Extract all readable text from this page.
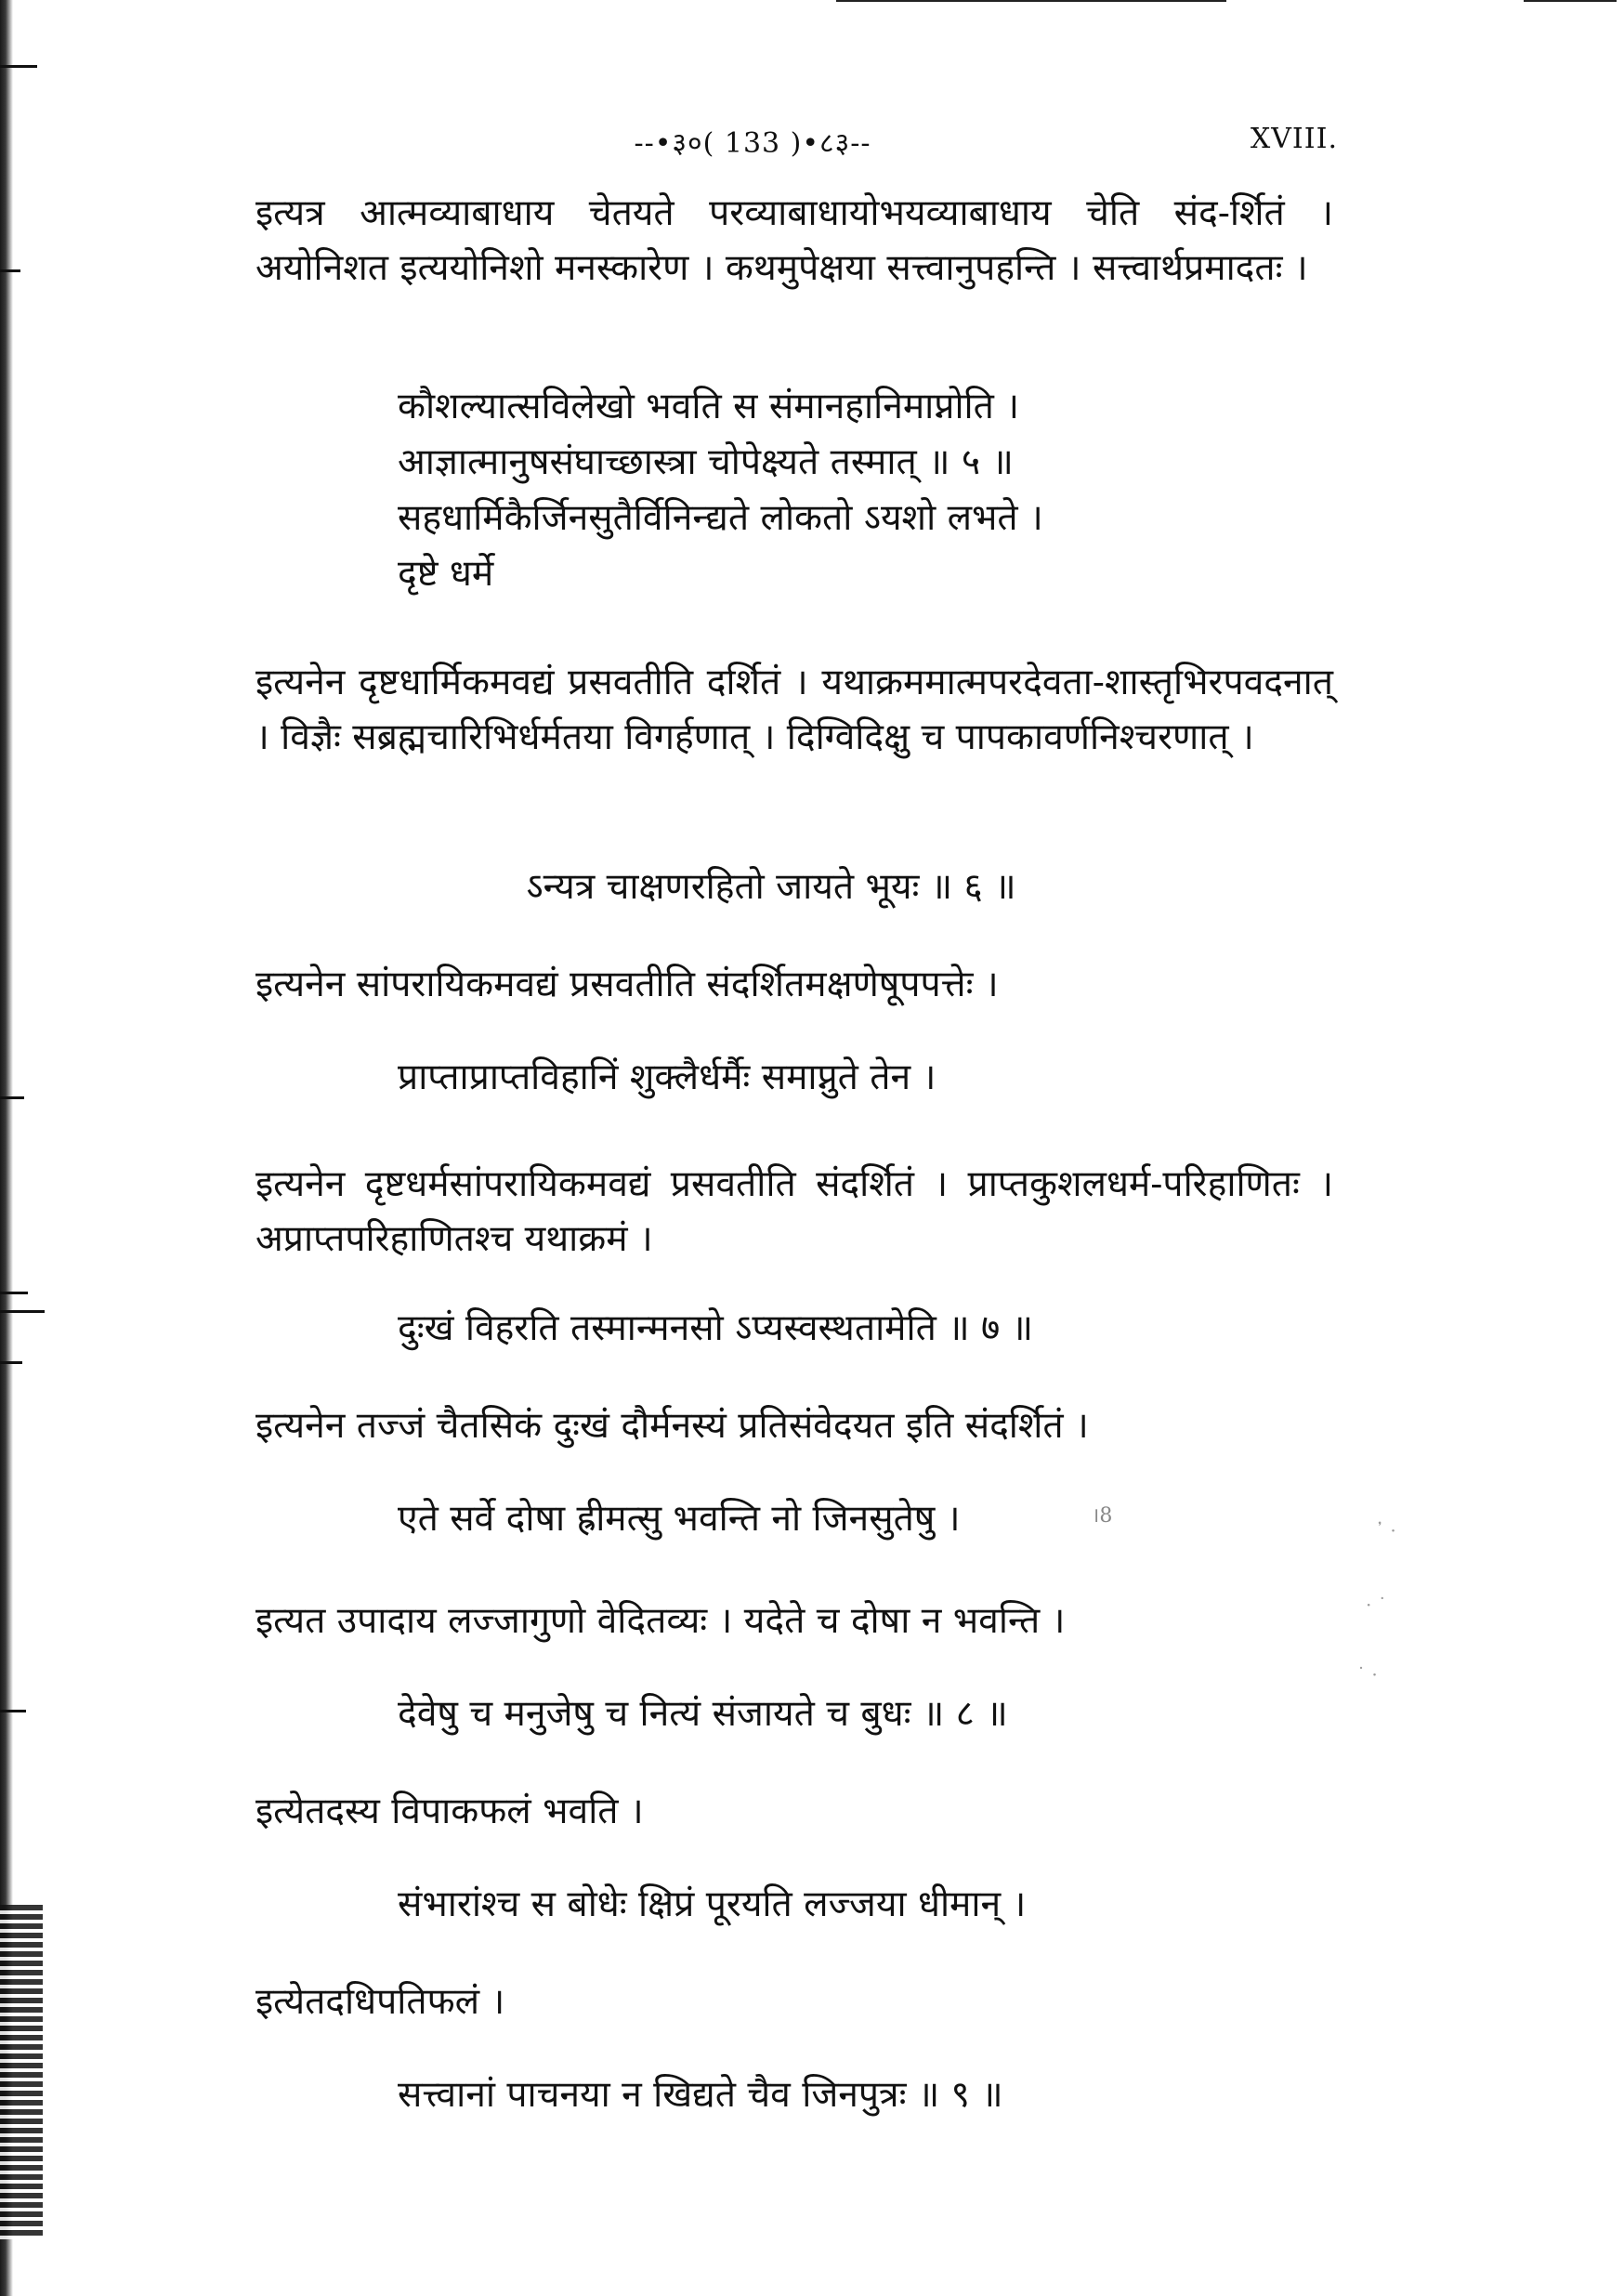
--•३०( 133 )•८३--	XVIII.
इत्यत्र आत्मव्याबाधाय चेतयते परव्याबाधायोभयव्याबाधाय चेति संद-र्शितं । अयोनिशत इत्ययोनिशो मनस्कारेण । कथमुपेक्षया सत्त्वानुपहन्ति । सत्त्वार्थप्रमादतः ।
कौशल्यात्सविलेखो भवति स संमानहानिमाप्नोति ।
आज्ञात्मानुषसंघाच्छास्त्रा चोपेक्ष्यते तस्मात् ॥ ५ ॥
सहधार्मिकैर्जिनसुतैर्विनिन्द्यते लोकतो ऽयशो लभते ।
दृष्टे धर्मे
इत्यनेन दृष्टधार्मिकमवद्यं प्रसवतीति दर्शितं । यथाक्रममात्मपरदेवता-शास्तृभिरपवदनात् । विज्ञैः सब्रह्मचारिभिर्धर्मतया विगर्हणात् । दिग्विदिक्षु च पापकावर्णनिश्चरणात् ।
ऽन्यत्र चाक्षणरहितो जायते भूयः ॥ ६ ॥
इत्यनेन सांपरायिकमवद्यं प्रसवतीति संदर्शितमक्षणेषूपपत्तेः ।
प्राप्ताप्राप्तविहानिं शुक्लैर्धर्मैः समाप्नुते तेन ।
इत्यनेन दृष्टधर्मसांपरायिकमवद्यं प्रसवतीति संदर्शितं । प्राप्तकुशलधर्म-परिहाणितः । अप्राप्तपरिहाणितश्च यथाक्रमं ।
दुःखं विहरति तस्मान्मनसो ऽप्यस्वस्थतामेति ॥ ७ ॥
इत्यनेन तज्जं चैतसिकं दुःखं दौर्मनस्यं प्रतिसंवेदयत इति संदर्शितं ।
एते सर्वे दोषा ह्रीमत्सु भवन्ति नो जिनसुतेषु ।	।8
इत्यत उपादाय लज्जागुणो वेदितव्यः । यदेते च दोषा न भवन्ति ।
देवेषु च मनुजेषु च नित्यं संजायते च बुधः ॥ ८ ॥
इत्येतदस्य विपाकफलं भवति ।
संभारांश्च स बोधेः क्षिप्रं पूरयति लज्जया धीमान् ।
इत्येतदधिपतिफलं ।
सत्त्वानां पाचनया न खिद्यते चैव जिनपुत्रः ॥ ९ ॥
᾿ ·
· ˙
˙ ·
